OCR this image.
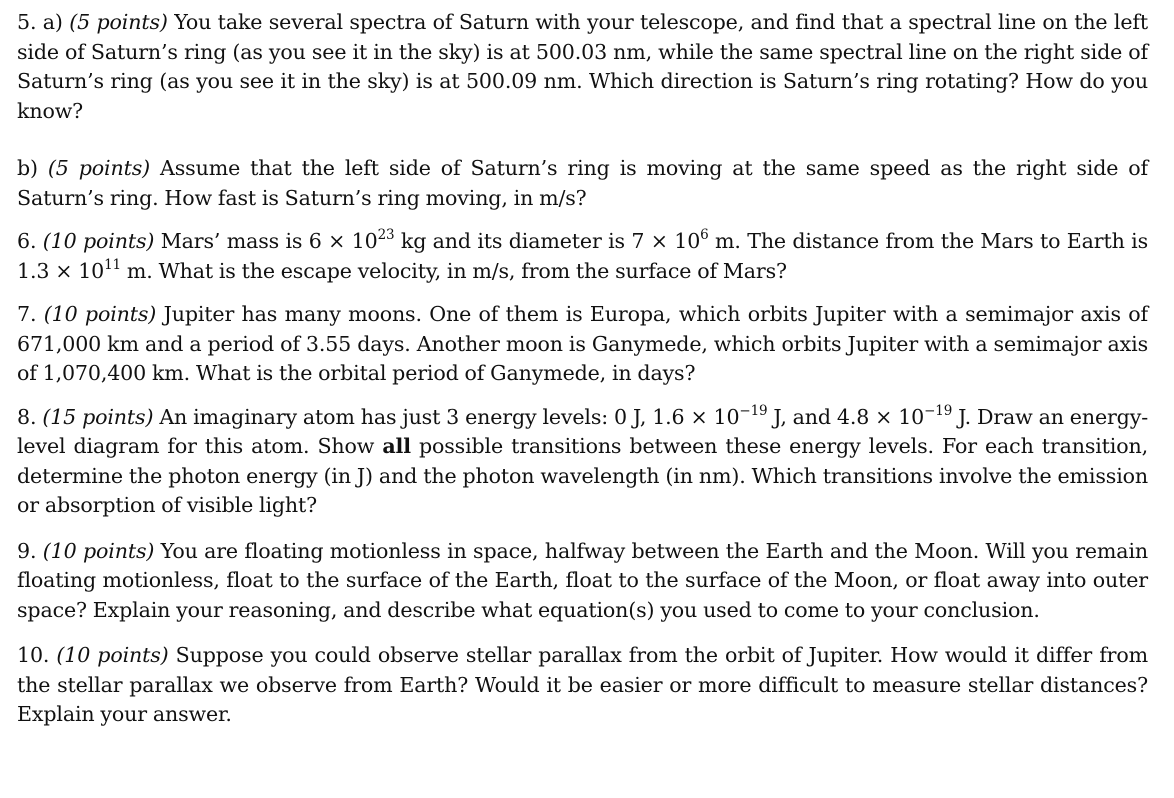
5. a) (5 points) You take several spectra of Saturn with your telescope, and find that a spectral line on the left side of Saturn’s ring (as you see it in the sky) is at 500.03 nm, while the same spectral line on the right side of Saturn’s ring (as you see it in the sky) is at 500.09 nm. Which direction is Saturn’s ring rotating? How do you know?

b) (5 points) Assume that the left side of Saturn’s ring is moving at the same speed as the right side of Saturn’s ring. How fast is Saturn’s ring moving, in m/s?

6. (10 points) Mars’ mass is $6 \times 10^{23}$ kg and its diameter is $7 \times 10^6$ m. The distance from the Mars to Earth is $1.3 \times 10^{11}$ m. What is the escape velocity, in m/s, from the surface of Mars?

7. (10 points) Jupiter has many moons. One of them is Europa, which orbits Jupiter with a semimajor axis of 671,000 km and a period of 3.55 days. Another moon is Ganymede, which orbits Jupiter with a semimajor axis of 1,070,400 km. What is the orbital period of Ganymede, in days?

8. (15 points) An imaginary atom has just 3 energy levels: 0 J, $1.6 \times 10^{-19}$ J, and $4.8 \times 10^{-19}$ J. Draw an energy-level diagram for this atom. Show all possible transitions between these energy levels. For each transition, determine the photon energy (in J) and the photon wavelength (in nm). Which transitions involve the emission or absorption of visible light?

9. (10 points) You are floating motionless in space, halfway between the Earth and the Moon. Will you remain floating motionless, float to the surface of the Earth, float to the surface of the Moon, or float away into outer space? Explain your reasoning, and describe what equation(s) you used to come to your conclusion.

10. (10 points) Suppose you could observe stellar parallax from the orbit of Jupiter. How would it differ from the stellar parallax we observe from Earth? Would it be easier or more difficult to measure stellar distances? Explain your answer.
